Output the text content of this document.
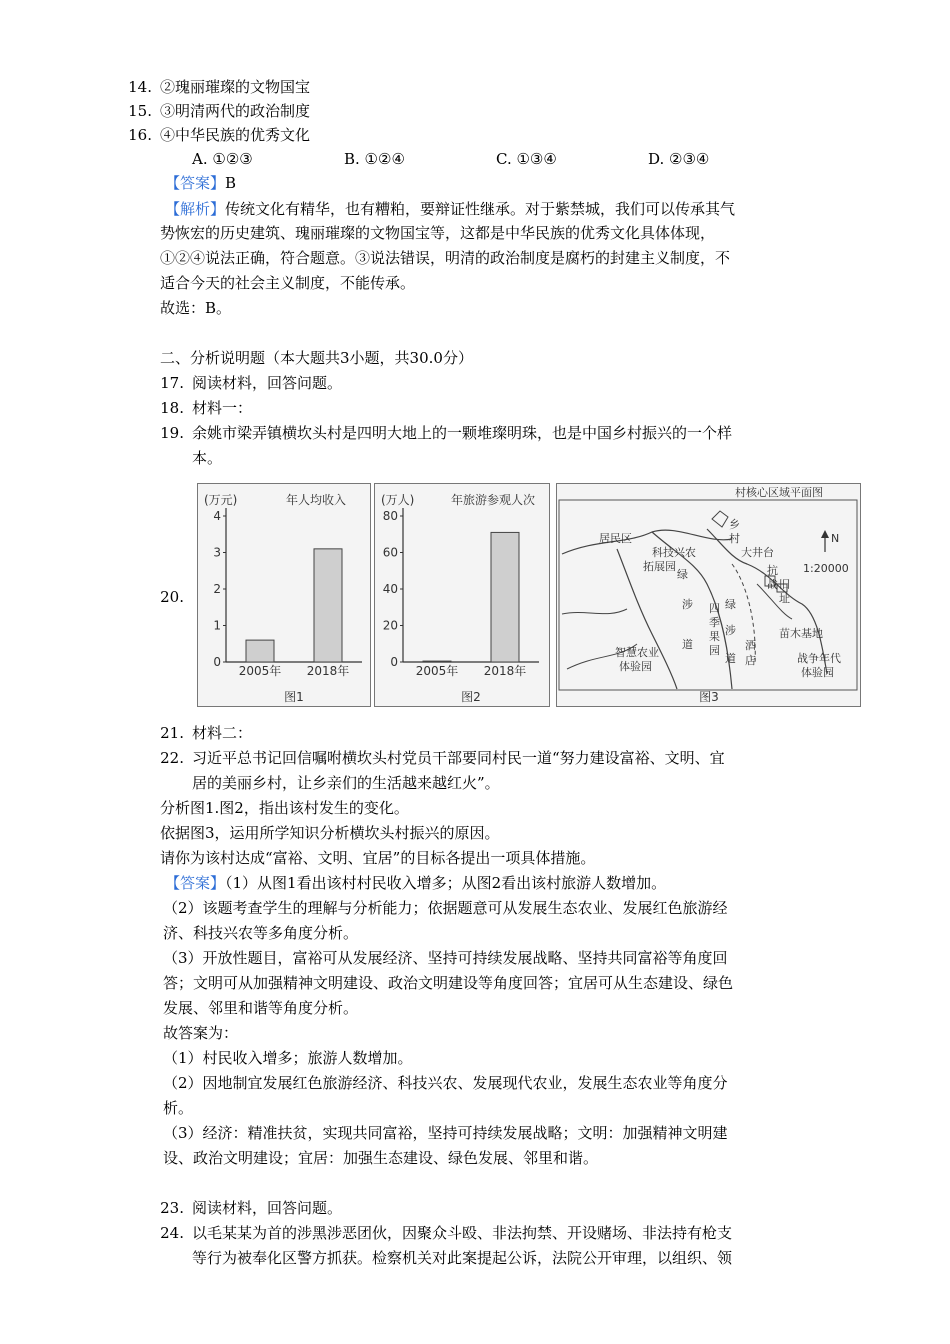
14. ②瑰丽璀璨的文物国宝
15. ③明清两代的政治制度
16. ④中华民族的优秀文化
A. ①②③	B. ①②④	C. ①③④	D. ②③④
【答案】B
【解析】传统文化有精华，也有糟粕，要辩证性继承。对于紫禁城，我们可以传承其气
势恢宏的历史建筑、瑰丽璀璨的文物国宝等，这都是中华民族的优秀文化具体体现，
①②④说法正确，符合题意。③说法错误，明清的政治制度是腐朽的封建主义制度，不
适合今天的社会主义制度，不能传承。
故选：B。
二、分析说明题（本大题共3小题，共30.0分）
17. 阅读材料，回答问题。
18. 材料一：
19. 余姚市梁弄镇横坎头村是四明大地上的一颗堆璨明珠，也是中国乡村振兴的一个样
本。
20.
(万元)	年人均收入
0
1
2
3
4
2005年 2018年
图1
(万人)	年旅游参观人次
0
20
40
60
80
2005年 2018年
图2
村核心区域平面图
居民区
科技兴农
拓展园
绿
涉
道
四
季
果
园
乡
村
大井台
抗
战 旧
址
绿
涉
道
苗木基地
酒
店
智慧农业
体验园
战争年代
体验园
N
1:20000
图3
21. 材料二：
22. 习近平总书记回信嘱咐横坎头村党员干部要同村民一道“努力建设富裕、文明、宜
居的美丽乡村，让乡亲们的生活越来越红火”。
分析图1.图2，指出该村发生的变化。
依据图3，运用所学知识分析横坎头村振兴的原因。
请你为该村达成“富裕、文明、宜居”的目标各提出一项具体措施。
【答案】（1）从图1看出该村村民收入增多；从图2看出该村旅游人数增加。
（2）该题考查学生的理解与分析能力；依据题意可从发展生态农业、发展红色旅游经
济、科技兴农等多角度分析。
（3）开放性题目，富裕可从发展经济、坚持可持续发展战略、坚持共同富裕等角度回
答；文明可从加强精神文明建设、政治文明建设等角度回答；宜居可从生态建设、绿色
发展、邻里和谐等角度分析。
故答案为：
（1）村民收入增多；旅游人数增加。
（2）因地制宜发展红色旅游经济、科技兴农、发展现代农业，发展生态农业等角度分
析。
（3）经济：精准扶贫，实现共同富裕，坚持可持续发展战略；文明：加强精神文明建
设、政治文明建设；宜居：加强生态建设、绿色发展、邻里和谐。
23. 阅读材料，回答问题。
24. 以毛某某为首的涉黑涉恶团伙，因聚众斗殴、非法拘禁、开设赌场、非法持有枪支
等行为被奉化区警方抓获。检察机关对此案提起公诉，法院公开审理，以组织、领
